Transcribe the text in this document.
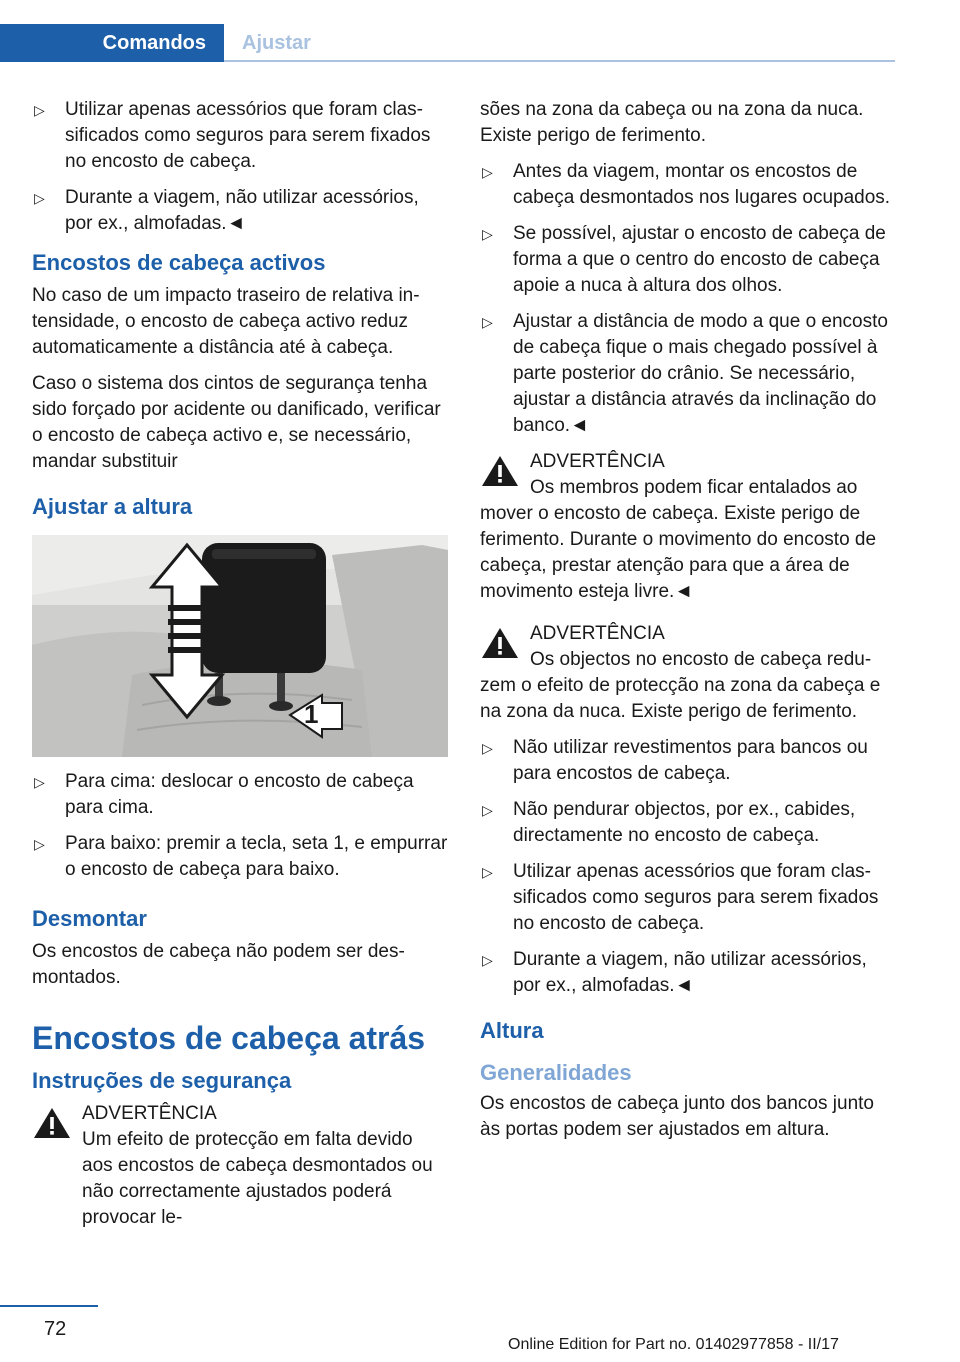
Comandos	Ajustar
▷ Utilizar apenas acessórios que foram classificados como seguros para serem fixados no encosto de cabeça.
▷ Durante a viagem, não utilizar acessórios, por ex., almofadas.◄
Encostos de cabeça activos

No caso de um impacto traseiro de relativa intensidade, o encosto de cabeça activo reduz automaticamente a distância até à cabeça.

Caso o sistema dos cintos de segurança tenha sido forçado por acidente ou danificado, verificar o encosto de cabeça activo e, se necessário, mandar substituir

Ajustar a altura
1
▷ Para cima: deslocar o encosto de cabeça para cima.
▷ Para baixo: premir a tecla, seta 1, e empurrar o encosto de cabeça para baixo.
Desmontar

Os encostos de cabeça não podem ser desmontados.

Encostos de cabeça atrás
Instruções de segurança
ADVERTÊNCIA
Um efeito de protecção em falta devido aos encostos de cabeça desmontados ou não correctamente ajustados poderá provocar le-

sões na zona da cabeça ou na zona da nuca. Existe perigo de ferimento.

▷ Antes da viagem, montar os encostos de cabeça desmontados nos lugares ocupados.
▷ Se possível, ajustar o encosto de cabeça de forma a que o centro do encosto de cabeça apoie a nuca à altura dos olhos.
▷ Ajustar a distância de modo a que o encosto de cabeça fique o mais chegado possível à parte posterior do crânio. Se necessário, ajustar a distância através da inclinação do banco.◄
ADVERTÊNCIA
Os membros podem ficar entalados ao mover o encosto de cabeça. Existe perigo de ferimento. Durante o movimento do encosto de cabeça, prestar atenção para que a área de movimento esteja livre.◄
ADVERTÊNCIA
Os objectos no encosto de cabeça reduzem o efeito de protecção na zona da cabeça e na zona da nuca. Existe perigo de ferimento.
▷ Não utilizar revestimentos para bancos ou para encostos de cabeça.
▷ Não pendurar objectos, por ex., cabides, directamente no encosto de cabeça.
▷ Utilizar apenas acessórios que foram classificados como seguros para serem fixados no encosto de cabeça.
▷ Durante a viagem, não utilizar acessórios, por ex., almofadas.◄
Altura
Generalidades

Os encostos de cabeça junto dos bancos junto às portas podem ser ajustados em altura.

72
Online Edition for Part no. 01402977858 - II/17
